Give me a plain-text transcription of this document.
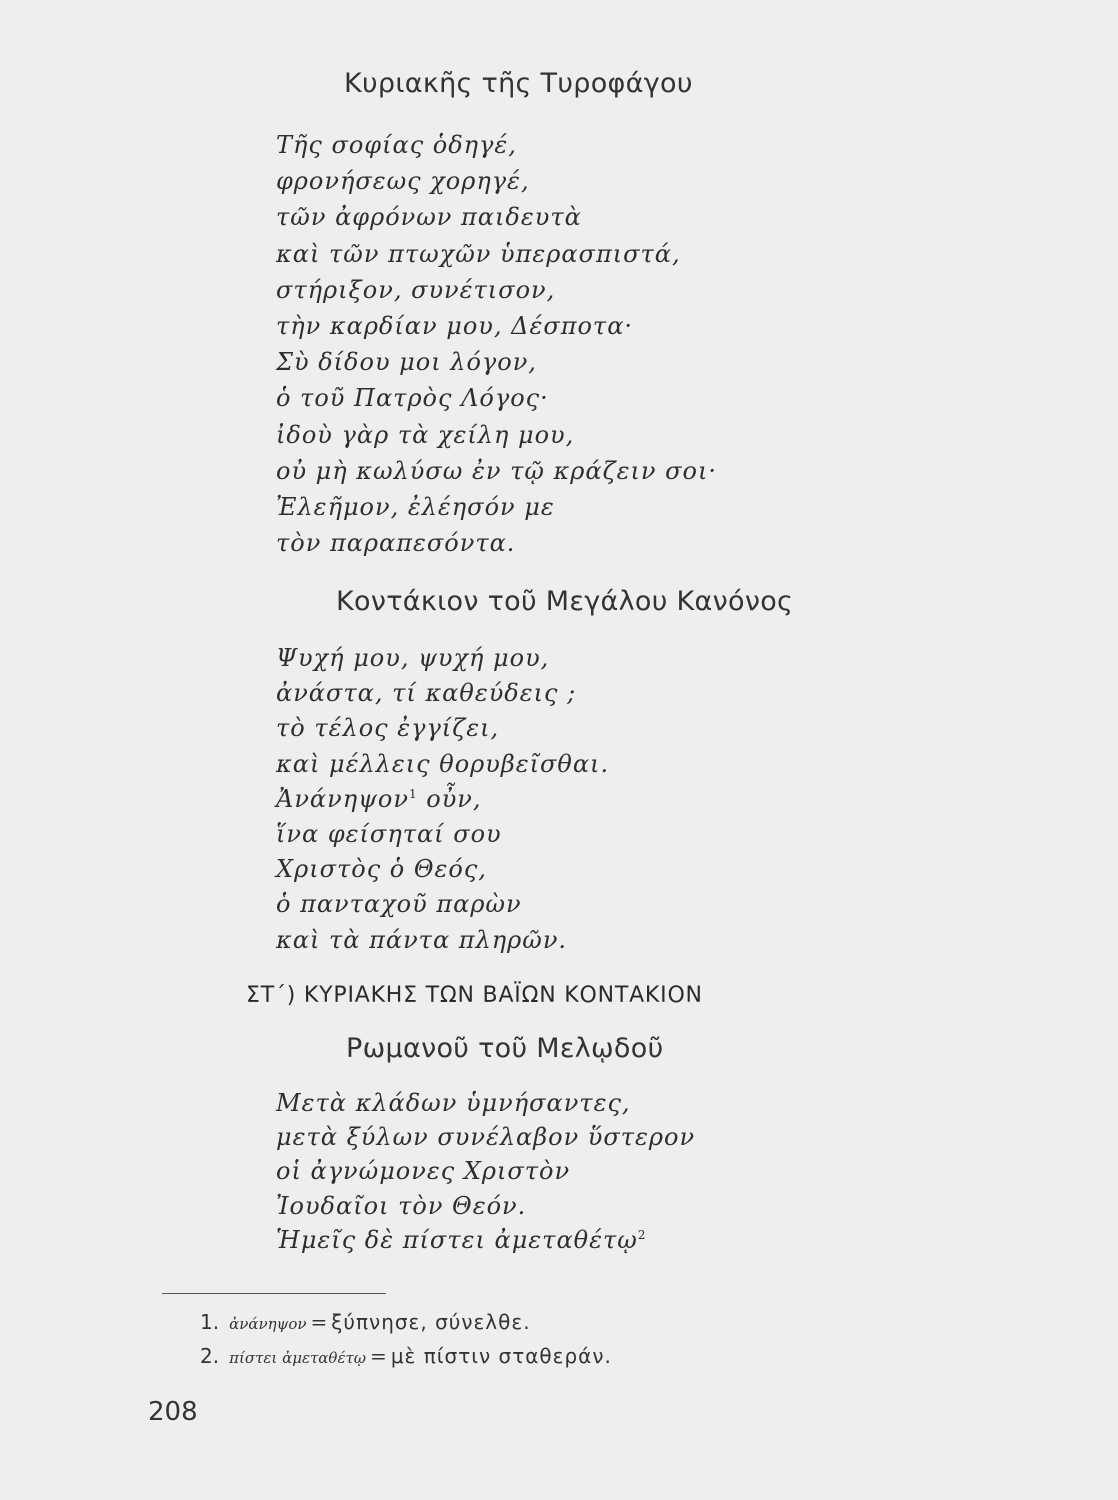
Κυριακῆς τῆς Τυροφάγου
Τῆς σοφίας ὁδηγέ,
φρονήσεως χορηγέ,
τῶν ἀφρόνων παιδευτὰ
καὶ τῶν πτωχῶν ὑπερασπιστά,
στήριξον, συνέτισον,
τὴν καρδίαν μου, Δέσποτα·
Σὺ δίδου μοι λόγον,
ὁ τοῦ Πατρὸς Λόγος·
ἰδοὺ γὰρ τὰ χείλη μου,
οὐ μὴ κωλύσω ἐν τῷ κράζειν σοι·
Ἐλεῆμον, ἐλέησόν με
τὸν παραπεσόντα.
Κοντάκιον τοῦ Μεγάλου Κανόνος
Ψυχή μου, ψυχή μου,
ἀνάστα, τί καθεύδεις ;
τὸ τέλος ἐγγίζει,
καὶ μέλλεις θορυβεῖσθαι.
Ἀνάνηψον$^1$ οὖν,
ἵνα φείσηταί σου
Χριστὸς ὁ Θεός,
ὁ πανταχοῦ παρὼν
καὶ τὰ πάντα πληρῶν.
ΣΤ΄) ΚΥΡΙΑΚΗΣ ΤΩΝ ΒΑΪΩΝ ΚΟΝΤΑΚΙΟΝ
Ρωμανοῦ τοῦ Μελῳδοῦ
Μετὰ κλάδων ὑμνήσαντες,
μετὰ ξύλων συνέλαβον ὕστερον
οἱ ἀγνώμονες Χριστὸν
Ἰουδαῖοι τὸν Θεόν.
Ἡμεῖς δὲ πίστει ἀμεταθέτῳ$^2$
1. ἀνάνηψον = ξύπνησε, σύνελθε.
2. πίστει ἀμεταθέτῳ = μὲ πίστιν σταθεράν.
208
